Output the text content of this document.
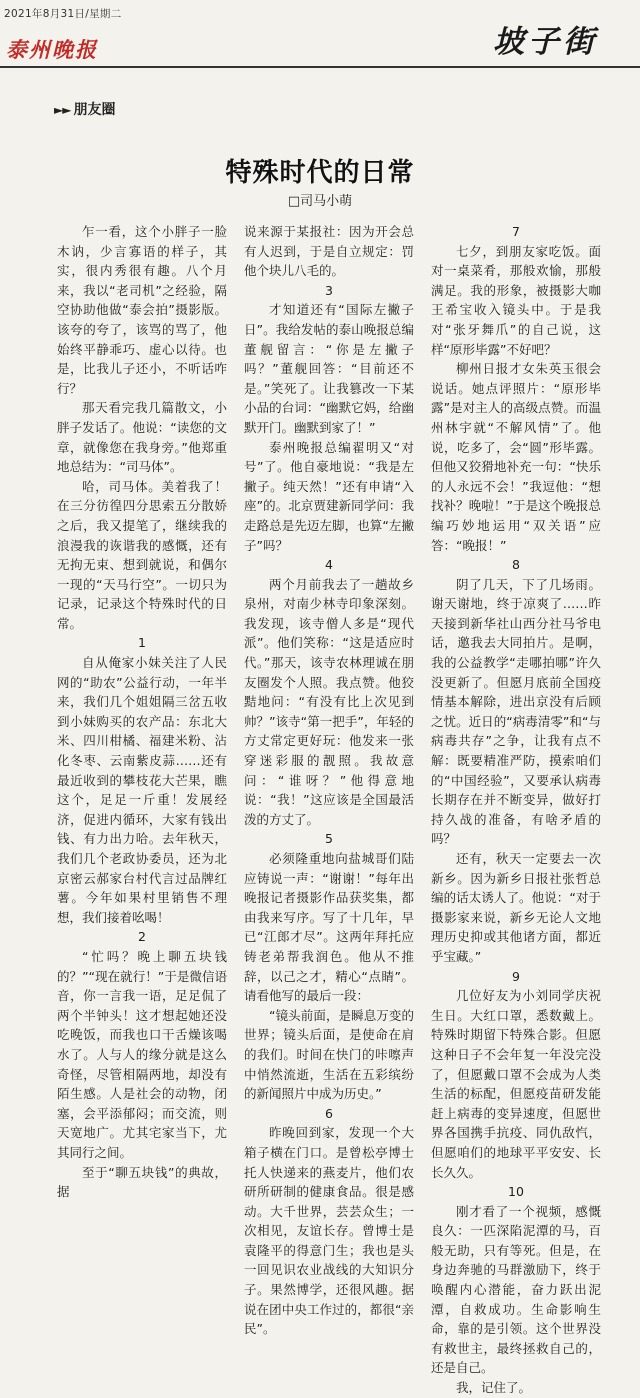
2021年8月31日/星期二
泰州晚报	坡子街
►► 朋友圈
特殊时代的日常
□司马小萌

乍一看，这个小胖子一脸木讷，少言寡语的样子，其实，很内秀很有趣。八个月来，我以“老司机”之经验，隔空协助他做“泰会拍”摄影版。该夸的夸了，该骂的骂了，他始终平静乖巧、虚心以待。也是，比我儿子还小，不听话咋行？

那天看完我几篇散文，小胖子发话了。他说：“读您的文章，就像您在我身旁。”他郑重地总结为：“司马体”。

哈，司马体。美着我了！在三分彷徨四分思索五分散娇之后，我又提笔了，继续我的浪漫我的诙谐我的感慨，还有无拘无束、想到就说，和偶尔一现的“天马行空”。一切只为记录，记录这个特殊时代的日常。

1

自从俺家小妹关注了人民网的“助农”公益行动，一年半来，我们几个姐姐隔三岔五收到小妹购买的农产品：东北大米、四川柑橘、福建米粉、沾化冬枣、云南紫皮蒜……还有最近收到的攀枝花大芒果，瞧这个，足足一斤重！发展经济，促进内循环，大家有钱出钱、有力出力哈。去年秋天，我们几个老政协委员，还为北京密云郝家台村代言过品牌红薯。今年如果村里销售不理想，我们接着吆喝！

2

“忙吗？晚上聊五块钱的？”“现在就行！”于是微信语音，你一言我一语，足足侃了两个半钟头！这才想起她还没吃晚饭，而我也口干舌燥该喝水了。人与人的缘分就是这么奇怪，尽管相隔两地，却没有陌生感。人是社会的动物，闭塞，会平添郁闷；而交流，则天宽地广。尤其宅家当下，尤其同行之间。

至于“聊五块钱”的典故，据

说来源于某报社：因为开会总有人迟到，于是自立规定：罚他个块儿八毛的。

3

才知道还有“国际左撇子日”。我给发帖的泰山晚报总编董舰留言：“你是左撇子吗？”董舰回答：“目前还不是。”笑死了。让我篡改一下某小品的台词：“幽默它妈，给幽默开门。幽默到家了！”

泰州晚报总编翟明又“对号”了。他自豪地说：“我是左撇子。纯天然！”还有申请“入座”的。北京贾建新同学问：我走路总是先迈左脚，也算“左撇子”吗？

4

两个月前我去了一趟故乡泉州，对南少林寺印象深刻。我发现，该寺僧人多是“现代派”。他们笑称：“这是适应时代。”那天，该寺农林理诚在朋友圈发个人照。我点赞。他狡黠地问：“有没有比上次见到帅？”该寺“第一把手”，年轻的方丈常定更好玩：他发来一张穿迷彩服的靓照。我故意问：“谁呀？”他得意地说：“我！”这应该是全国最活泼的方丈了。

5

必须隆重地向盐城哥们陆应铸说一声：“谢谢！”每年出晚报记者摄影作品获奖集，都由我来写序。写了十几年，早已“江郎才尽”。这两年拜托应铸老弟帮我润色。他从不推辞，以己之才，精心“点睛”。请看他写的最后一段：

“镜头前面，是瞬息万变的世界；镜头后面，是使命在肩的我们。时间在快门的咔嚓声中悄然流逝，生活在五彩缤纷的新闻照片中成为历史。”

6

昨晚回到家，发现一个大箱子横在门口。是曾松亭博士托人快递来的燕麦片，他们农研所研制的健康食品。很是感动。大千世界，芸芸众生；一次相见，友谊长存。曾博士是袁隆平的得意门生；我也是头一回见识农业战线的大知识分子。果然博学，还很风趣。据说在团中央工作过的，都很“亲民”。

7

七夕，到朋友家吃饭。面对一桌菜肴，那般欢愉，那般满足。我的形象，被摄影大咖王希宝收入镜头中。于是我对“张牙舞爪”的自己说，这样“原形毕露”不好吧？

柳州日报才女朱英玉很会说话。她点评照片：“原形毕露”是对主人的高级点赞。而温州林宇就“不解风情”了。他说，吃多了，会“圆”形毕露。但他又狡猾地补充一句：“快乐的人永远不会！”我逗他：“想找补？晚啦！”于是这个晚报总编巧妙地运用“双关语”应答：“晚报！”

8

阴了几天，下了几场雨。谢天谢地，终于凉爽了……昨天接到新华社山西分社马爷电话，邀我去大同拍片。是啊，我的公益教学“走哪拍哪”许久没更新了。但愿月底前全国疫情基本解除，进出京没有后顾之忧。近日的“病毒清零”和“与病毒共存”之争，让我有点不解：既要精准严防，摸索咱们的“中国经验”，又要承认病毒长期存在并不断变异，做好打持久战的准备，有啥矛盾的吗？

还有，秋天一定要去一次新乡。因为新乡日报社张哲总编的话太诱人了。他说：“对于摄影家来说，新乡无论人文地理历史抑或其他诸方面，都近乎宝藏。”

9

几位好友为小刘同学庆祝生日。大红口罩，悉数戴上。特殊时期留下特殊合影。但愿这种日子不会年复一年没完没了，但愿戴口罩不会成为人类生活的标配，但愿疫苗研发能赶上病毒的变异速度，但愿世界各国携手抗疫、同仇敌忾，但愿咱们的地球平平安安、长长久久。

10

刚才看了一个视频，感慨良久：一匹深陷泥潭的马，百般无助，只有等死。但是，在身边奔驰的马群激励下，终于唤醒内心潜能，奋力跃出泥潭，自救成功。生命影响生命，靠的是引领。这个世界没有救世主，最终拯救自己的，还是自己。

我，记住了。
